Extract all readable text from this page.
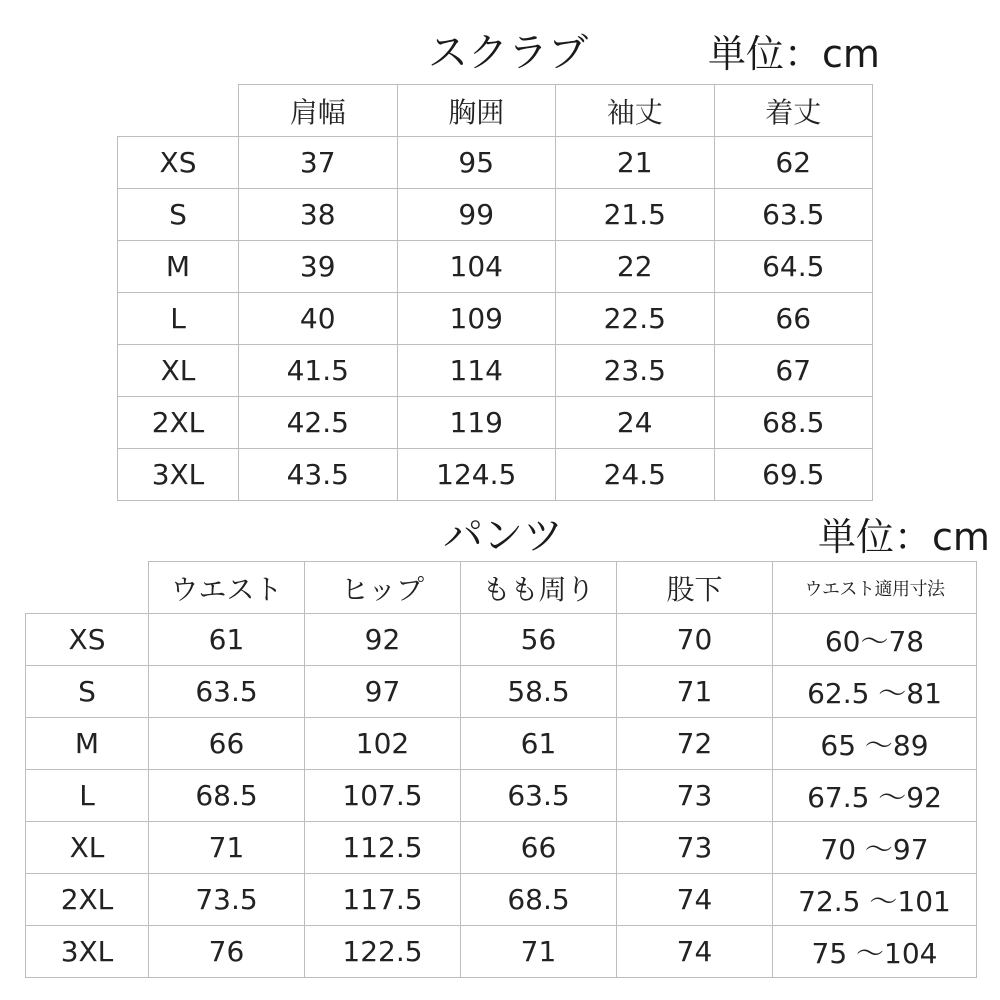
スクラブ	単位：cm
	肩幅	胸囲	袖丈	着丈
XS	37	95	21	62
S	38	99	21.5	63.5
M	39	104	22	64.5
L	40	109	22.5	66
XL	41.5	114	23.5	67
2XL	42.5	119	24	68.5
3XL	43.5	124.5	24.5	69.5
パンツ	単位：cm
	ウエスト	ヒップ	もも周り	股下	ウエスト適用寸法
XS	61	92	56	70	60～78
S	63.5	97	58.5	71	62.5 ～81
M	66	102	61	72	65 ～89
L	68.5	107.5	63.5	73	67.5 ～92
XL	71	112.5	66	73	70 ～97
2XL	73.5	117.5	68.5	74	72.5 ～101
3XL	76	122.5	71	74	75 ～104
